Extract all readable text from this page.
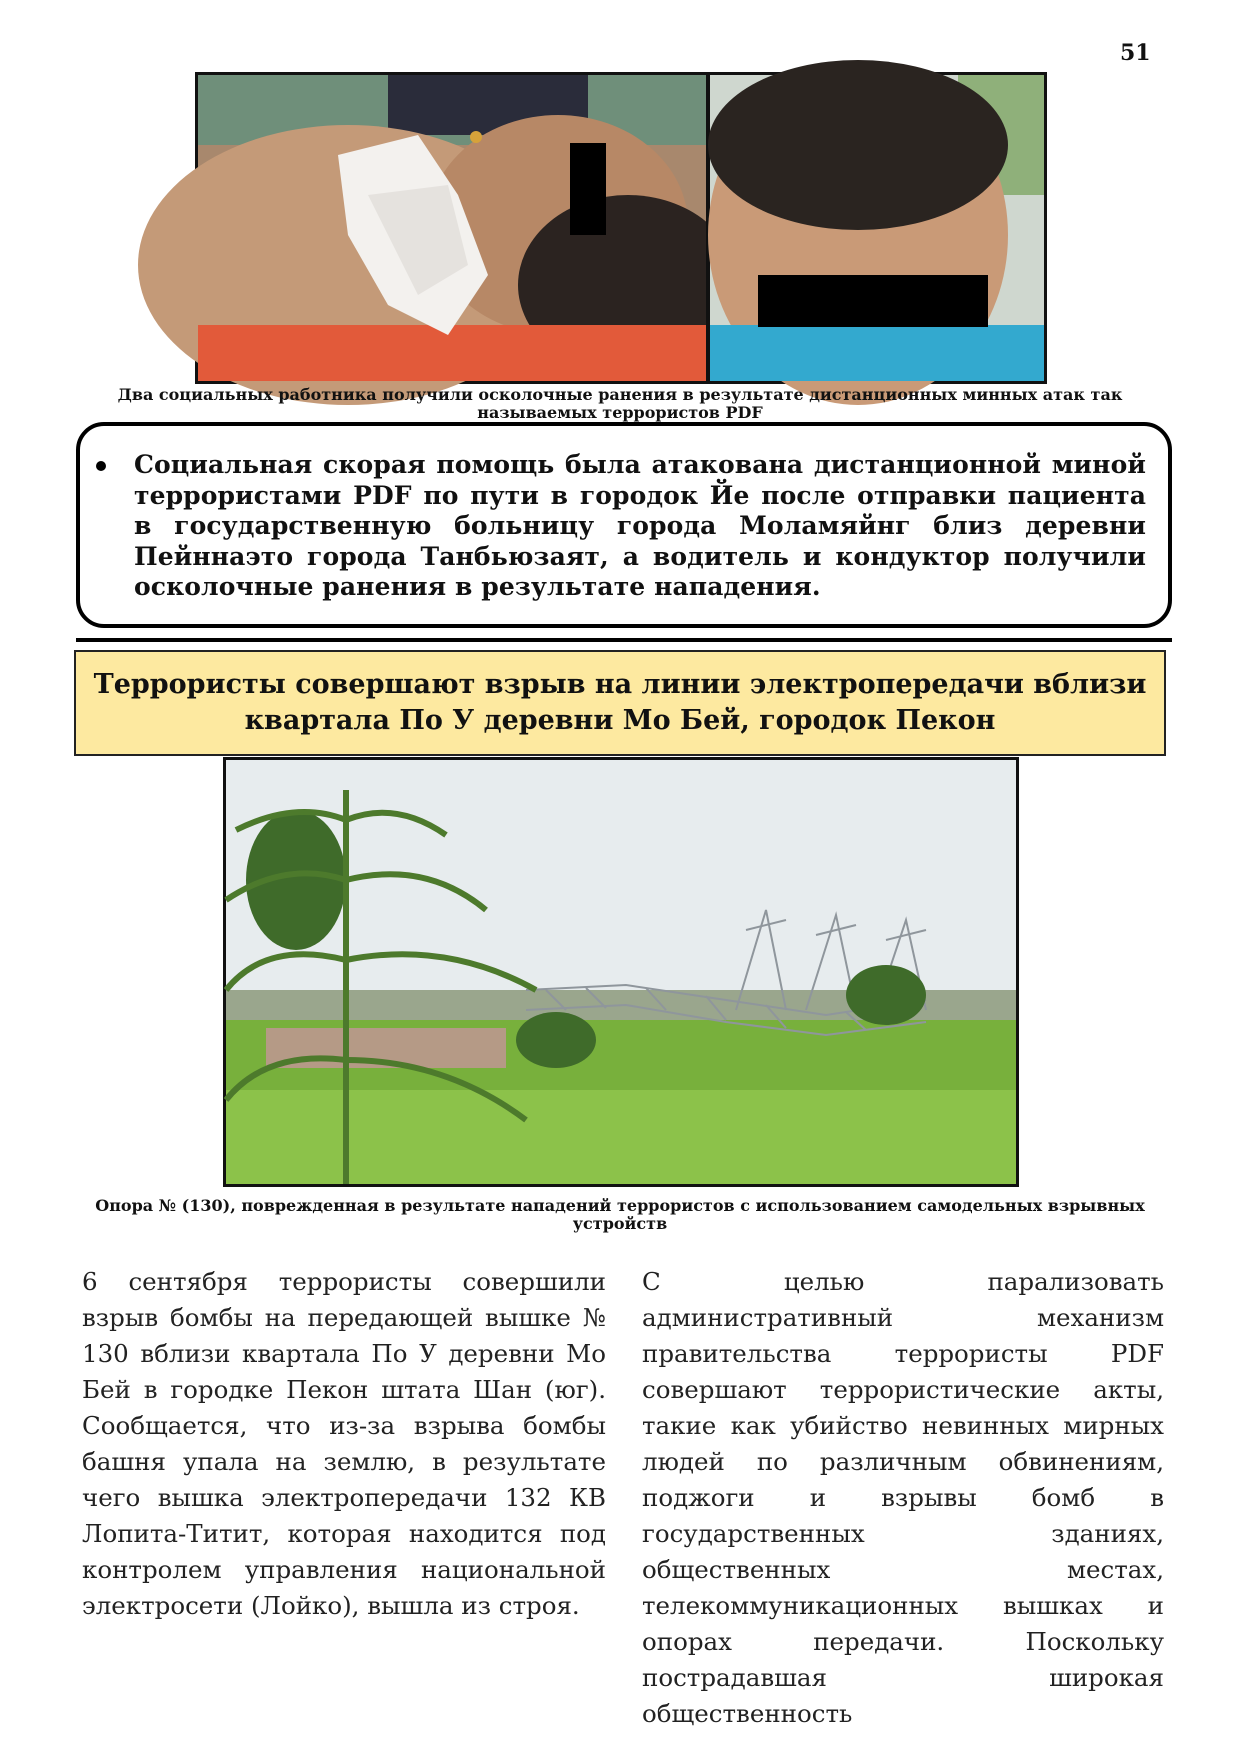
51
Два социальных работника получили осколочные ранения в результате дистанционных минных атак так называемых террористов PDF
Социальная скорая помощь была атакована дистанционной миной террористами PDF по пути в городок Йе после отправки пациента в государственную больницу города Моламяйнг близ деревни Пейннаэто города Танбьюзаят, а водитель и кондуктор получили осколочные ранения в результате нападения.
Террористы совершают взрыв на линии электропередачи вблизи квартала По У деревни Мо Бей, городок Пекон
Опора № (130), поврежденная в результате нападений террористов с использованием самодельных взрывных устройств
6 сентября террористы совершили взрыв бомбы на передающей вышке № 130 вблизи квартала По У деревни Мо Бей в городке Пекон штата Шан (юг). Сообщается, что из-за взрыва бомбы башня упала на землю, в результате чего вышка электропередачи 132 КВ Лопита-Титит, которая находится под контролем управления национальной электросети (Лойко), вышла из строя.
С целью парализовать административный механизм правительства террористы PDF совершают террористические акты, такие как убийство невинных мирных людей по различным обвинениям, поджоги и взрывы бомб в государственных зданиях, общественных местах, телекоммуникационных вышках и опорах передачи. Поскольку пострадавшая широкая общественность
